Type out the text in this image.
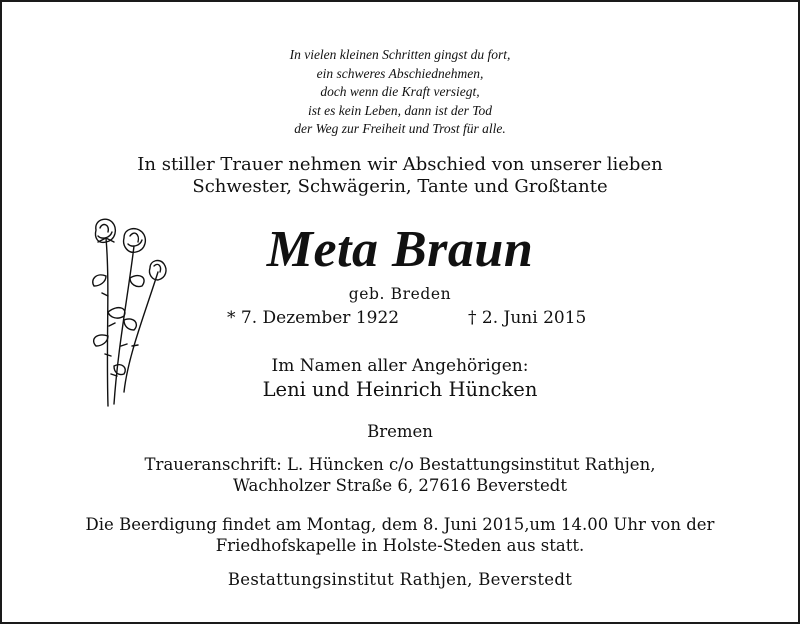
In vielen kleinen Schritten gingst du fort,
ein schweres Abschiednehmen,
doch wenn die Kraft versiegt,
ist es kein Leben, dann ist der Tod
der Weg zur Freiheit und Trost für alle.
In stiller Trauer nehmen wir Abschied von unserer lieben
Schwester, Schwägerin, Tante und Großtante
Meta Braun
geb. Breden
* 7. Dezember 1922	† 2. Juni 2015
Im Namen aller Angehörigen:
Leni und Heinrich Hüncken
Bremen
Traueranschrift: L. Hüncken c/o Bestattungsinstitut Rathjen,
Wachholzer Straße 6, 27616 Beverstedt
Die Beerdigung findet am Montag, dem 8. Juni 2015,um 14.00 Uhr von der
Friedhofskapelle in Holste-Steden aus statt.
Bestattungsinstitut Rathjen, Beverstedt
